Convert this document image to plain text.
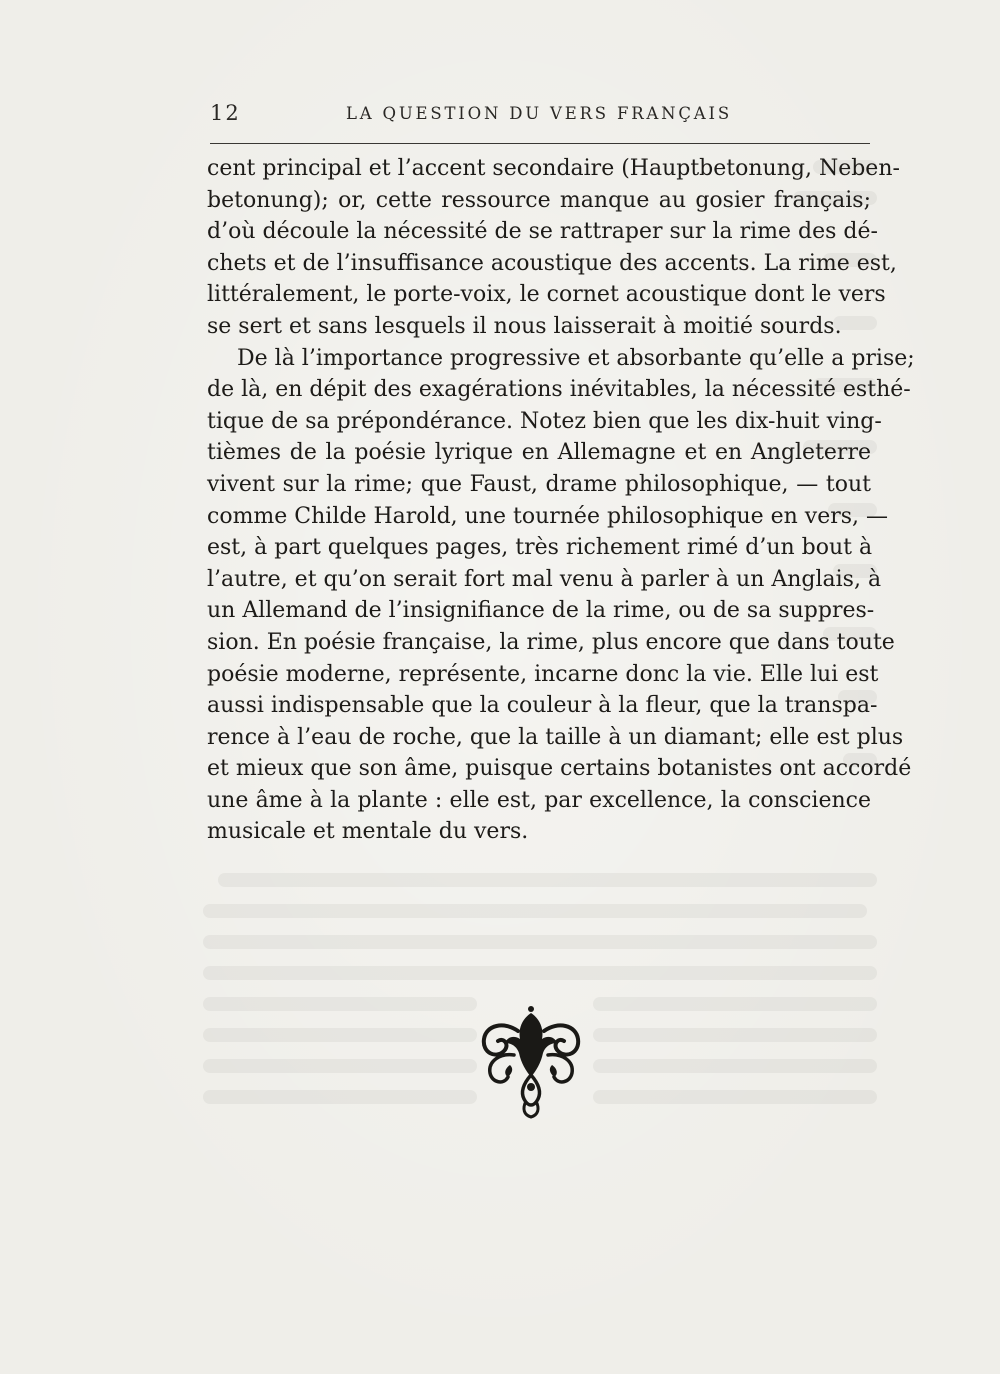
12	LA QUESTION DU VERS FRANÇAIS
cent principal et l’accent secondaire (Hauptbetonung, Neben-
betonung); or, cette ressource manque au gosier français;
d’où découle la nécessité de se rattraper sur la rime des dé-
chets et de l’insuffisance acoustique des accents. La rime est,
littéralement, le porte-voix, le cornet acoustique dont le vers
se sert et sans lesquels il nous laisserait à moitié sourds.
De là l’importance progressive et absorbante qu’elle a prise;
de là, en dépit des exagérations inévitables, la nécessité esthé-
tique de sa prépondérance. Notez bien que les dix-huit ving-
tièmes de la poésie lyrique en Allemagne et en Angleterre
vivent sur la rime; que Faust, drame philosophique, — tout
comme Childe Harold, une tournée philosophique en vers, —
est, à part quelques pages, très richement rimé d’un bout à
l’autre, et qu’on serait fort mal venu à parler à un Anglais, à
un Allemand de l’insignifiance de la rime, ou de sa suppres-
sion. En poésie française, la rime, plus encore que dans toute
poésie moderne, représente, incarne donc la vie. Elle lui est
aussi indispensable que la couleur à la fleur, que la transpa-
rence à l’eau de roche, que la taille à un diamant; elle est plus
et mieux que son âme, puisque certains botanistes ont accordé
une âme à la plante : elle est, par excellence, la conscience
musicale et mentale du vers.
